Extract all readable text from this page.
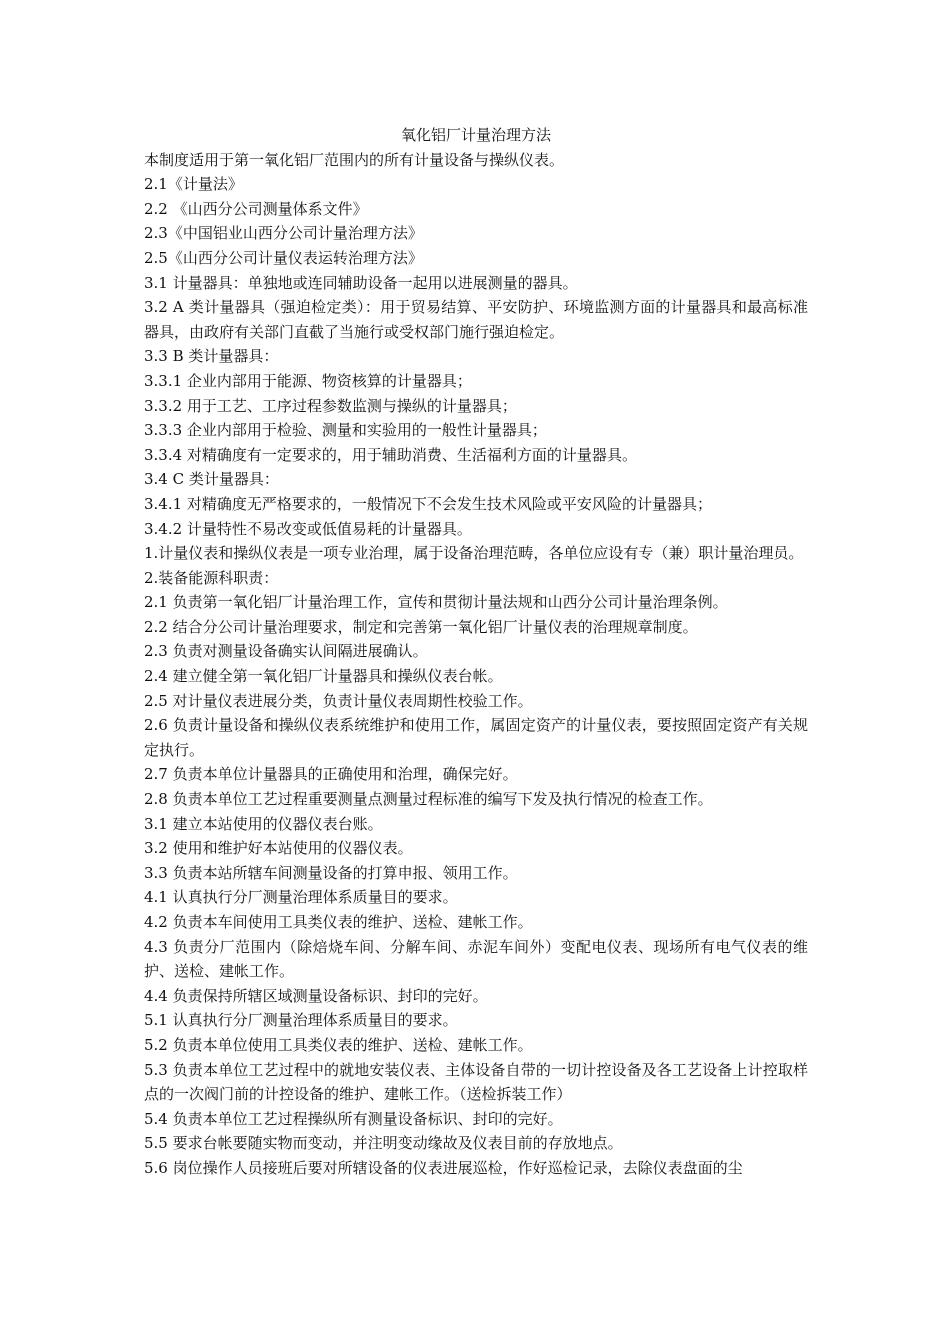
氧化铝厂计量治理方法

本制度适用于第一氧化铝厂范围内的所有计量设备与操纵仪表。

2.1《计量法》

2.2 《山西分公司测量体系文件》

2.3《中国铝业山西分公司计量治理方法》

2.5《山西分公司计量仪表运转治理方法》

3.1 计量器具：单独地或连同辅助设备一起用以进展测量的器具。

3.2 A 类计量器具（强迫检定类）：用于贸易结算、平安防护、环境监测方面的计量器具和最高标准器具，由政府有关部门直截了当施行或受权部门施行强迫检定。

3.3 B 类计量器具：

3.3.1 企业内部用于能源、物资核算的计量器具；

3.3.2 用于工艺、工序过程参数监测与操纵的计量器具；

3.3.3 企业内部用于检验、测量和实验用的一般性计量器具；

3.3.4 对精确度有一定要求的，用于辅助消费、生活福利方面的计量器具。

3.4 C 类计量器具：

3.4.1 对精确度无严格要求的，一般情况下不会发生技术风险或平安风险的计量器具；

3.4.2 计量特性不易改变或低值易耗的计量器具。

1.计量仪表和操纵仪表是一项专业治理，属于设备治理范畴，各单位应设有专（兼）职计量治理员。

2.装备能源科职责：

2.1 负责第一氧化铝厂计量治理工作，宣传和贯彻计量法规和山西分公司计量治理条例。

2.2 结合分公司计量治理要求，制定和完善第一氧化铝厂计量仪表的治理规章制度。

2.3 负责对测量设备确实认间隔进展确认。

2.4 建立健全第一氧化铝厂计量器具和操纵仪表台帐。

2.5 对计量仪表进展分类，负责计量仪表周期性校验工作。

2.6 负责计量设备和操纵仪表系统维护和使用工作，属固定资产的计量仪表，要按照固定资产有关规定执行。

2.7 负责本单位计量器具的正确使用和治理，确保完好。

2.8 负责本单位工艺过程重要测量点测量过程标准的编写下发及执行情况的检查工作。

3.1 建立本站使用的仪器仪表台账。

3.2 使用和维护好本站使用的仪器仪表。

3.3 负责本站所辖车间测量设备的打算申报、领用工作。

4.1 认真执行分厂测量治理体系质量目的要求。

4.2 负责本车间使用工具类仪表的维护、送检、建帐工作。

4.3 负责分厂范围内（除焙烧车间、分解车间、赤泥车间外）变配电仪表、现场所有电气仪表的维护、送检、建帐工作。

4.4 负责保持所辖区域测量设备标识、封印的完好。

5.1 认真执行分厂测量治理体系质量目的要求。

5.2 负责本单位使用工具类仪表的维护、送检、建帐工作。

5.3 负责本单位工艺过程中的就地安装仪表、主体设备自带的一切计控设备及各工艺设备上计控取样点的一次阀门前的计控设备的维护、建帐工作。（送检拆装工作）

5.4 负责本单位工艺过程操纵所有测量设备标识、封印的完好。

5.5 要求台帐要随实物而变动，并注明变动缘故及仪表目前的存放地点。

5.6 岗位操作人员接班后要对所辖设备的仪表进展巡检，作好巡检记录，去除仪表盘面的尘
